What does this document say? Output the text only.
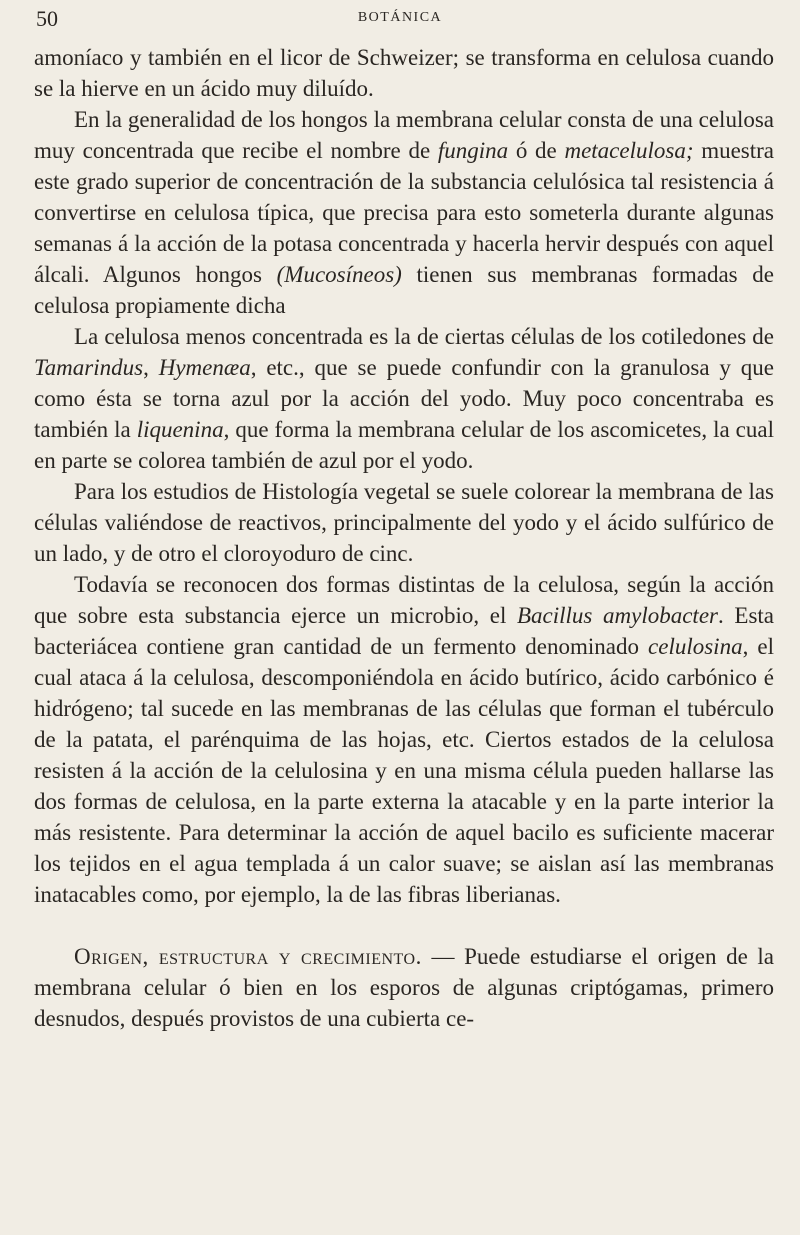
50	BOTÁNICA

amoníaco y también en el licor de Schweizer; se transforma en celulosa cuando se la hierve en un ácido muy diluído.

En la generalidad de los hongos la membrana celular consta de una celulosa muy concentrada que recibe el nombre de fungina ó de metacelulosa; muestra este grado superior de concentración de la substancia celulósica tal resistencia á convertirse en celulosa típica, que precisa para esto someterla durante algunas semanas á la acción de la potasa concentrada y hacerla hervir después con aquel álcali. Algunos hongos (Mucosíneos) tienen sus membranas formadas de celulosa propiamente dicha

La celulosa menos concentrada es la de ciertas células de los cotiledones de Tamarindus, Hymenæa, etc., que se puede confundir con la granulosa y que como ésta se torna azul por la acción del yodo. Muy poco concentraba es también la liquenina, que forma la membrana celular de los ascomicetes, la cual en parte se colorea también de azul por el yodo.

Para los estudios de Histología vegetal se suele colorear la membrana de las células valiéndose de reactivos, principalmente del yodo y el ácido sulfúrico de un lado, y de otro el cloroyoduro de cinc.

Todavía se reconocen dos formas distintas de la celulosa, según la acción que sobre esta substancia ejerce un microbio, el Bacillus amylobacter. Esta bacteriácea contiene gran cantidad de un fermento denominado celulosina, el cual ataca á la celulosa, descomponiéndola en ácido butírico, ácido carbónico é hidrógeno; tal sucede en las membranas de las células que forman el tubérculo de la patata, el parénquima de las hojas, etc. Ciertos estados de la celulosa resisten á la acción de la celulosina y en una misma célula pueden hallarse las dos formas de celulosa, en la parte externa la atacable y en la parte interior la más resistente. Para determinar la acción de aquel bacilo es suficiente macerar los tejidos en el agua templada á un calor suave; se aislan así las membranas inatacables como, por ejemplo, la de las fibras liberianas.

Origen, estructura y crecimiento. — Puede estudiarse el origen de la membrana celular ó bien en los esporos de algunas criptógamas, primero desnudos, después provistos de una cubierta ce-
